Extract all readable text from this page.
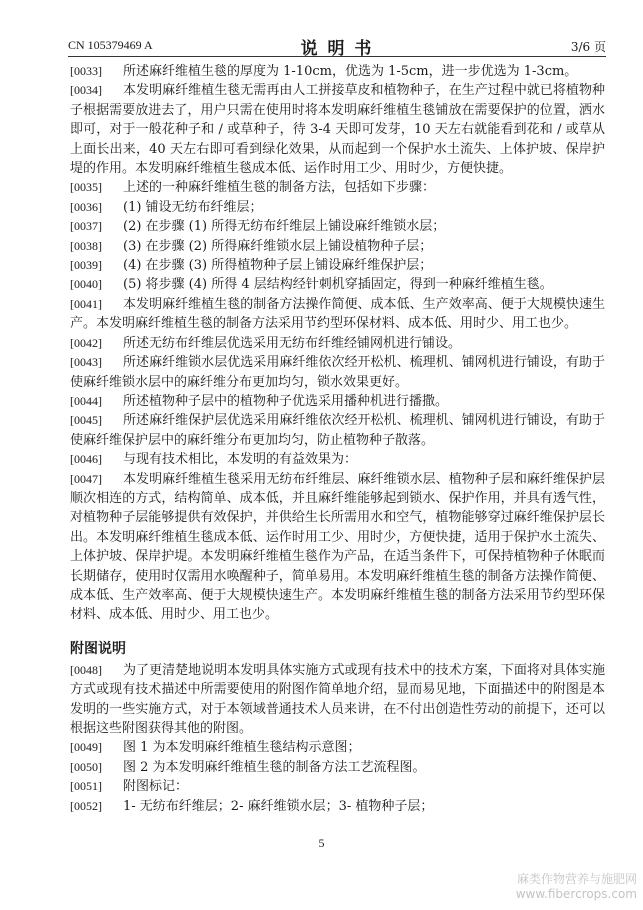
CN 105379469 A	说 明 书	3/6 页

[0033] 所述麻纤维植生毯的厚度为 1-10cm，优选为 1-5cm，进一步优选为 1-3cm。

[0034] 本发明麻纤维植生毯无需再由人工拼接草皮和植物种子，在生产过程中就已将植物种子根据需要放进去了，用户只需在使用时将本发明麻纤维植生毯铺放在需要保护的位置，洒水即可，对于一般花种子和 / 或草种子，待 3-4 天即可发芽，10 天左右就能看到花和 / 或草从上面长出来，40 天左右即可看到绿化效果，从而起到一个保护水土流失、上体护坡、保岸护堤的作用。本发明麻纤维植生毯成本低、运作时用工少、用时少，方便快捷。

[0035] 上述的一种麻纤维植生毯的制备方法，包括如下步骤：

[0036] (1) 铺设无纺布纤维层；

[0037] (2) 在步骤 (1) 所得无纺布纤维层上铺设麻纤维锁水层；

[0038] (3) 在步骤 (2) 所得麻纤维锁水层上铺设植物种子层；

[0039] (4) 在步骤 (3) 所得植物种子层上铺设麻纤维保护层；

[0040] (5) 将步骤 (4) 所得 4 层结构经针刺机穿插固定，得到一种麻纤维植生毯。

[0041] 本发明麻纤维植生毯的制备方法操作简便、成本低、生产效率高、便于大规模快速生产。本发明麻纤维植生毯的制备方法采用节约型环保材料、成本低、用时少、用工也少。

[0042] 所述无纺布纤维层优选采用无纺布纤维经铺网机进行铺设。

[0043] 所述麻纤维锁水层优选采用麻纤维依次经开松机、梳理机、铺网机进行铺设，有助于使麻纤维锁水层中的麻纤维分布更加均匀，锁水效果更好。

[0044] 所述植物种子层中的植物种子优选采用播种机进行播撒。

[0045] 所述麻纤维保护层优选采用麻纤维依次经开松机、梳理机、铺网机进行铺设，有助于使麻纤维保护层中的麻纤维分布更加均匀，防止植物种子散落。

[0046] 与现有技术相比，本发明的有益效果为：

[0047] 本发明麻纤维植生毯采用无纺布纤维层、麻纤维锁水层、植物种子层和麻纤维保护层顺次相连的方式，结构简单、成本低，并且麻纤维能够起到锁水、保护作用，并具有透气性，对植物种子层能够提供有效保护，并供给生长所需用水和空气，植物能够穿过麻纤维保护层长出。本发明麻纤维植生毯成本低、运作时用工少、用时少，方便快捷，适用于保护水土流失、上体护坡、保岸护堤。本发明麻纤维植生毯作为产品，在适当条件下，可保持植物种子休眠而长期储存，使用时仅需用水唤醒种子，简单易用。本发明麻纤维植生毯的制备方法操作简便、成本低、生产效率高、便于大规模快速生产。本发明麻纤维植生毯的制备方法采用节约型环保材料、成本低、用时少、用工也少。

附图说明

[0048] 为了更清楚地说明本发明具体实施方式或现有技术中的技术方案，下面将对具体实施方式或现有技术描述中所需要使用的附图作简单地介绍，显而易见地，下面描述中的附图是本发明的一些实施方式，对于本领域普通技术人员来讲，在不付出创造性劳动的前提下，还可以根据这些附图获得其他的附图。

[0049] 图 1 为本发明麻纤维植生毯结构示意图；

[0050] 图 2 为本发明麻纤维植生毯的制备方法工艺流程图。

[0051] 附图标记：

[0052] 1- 无纺布纤维层；2- 麻纤维锁水层；3- 植物种子层；

5
麻类作物营养与施肥网
www.fibercrops.com
